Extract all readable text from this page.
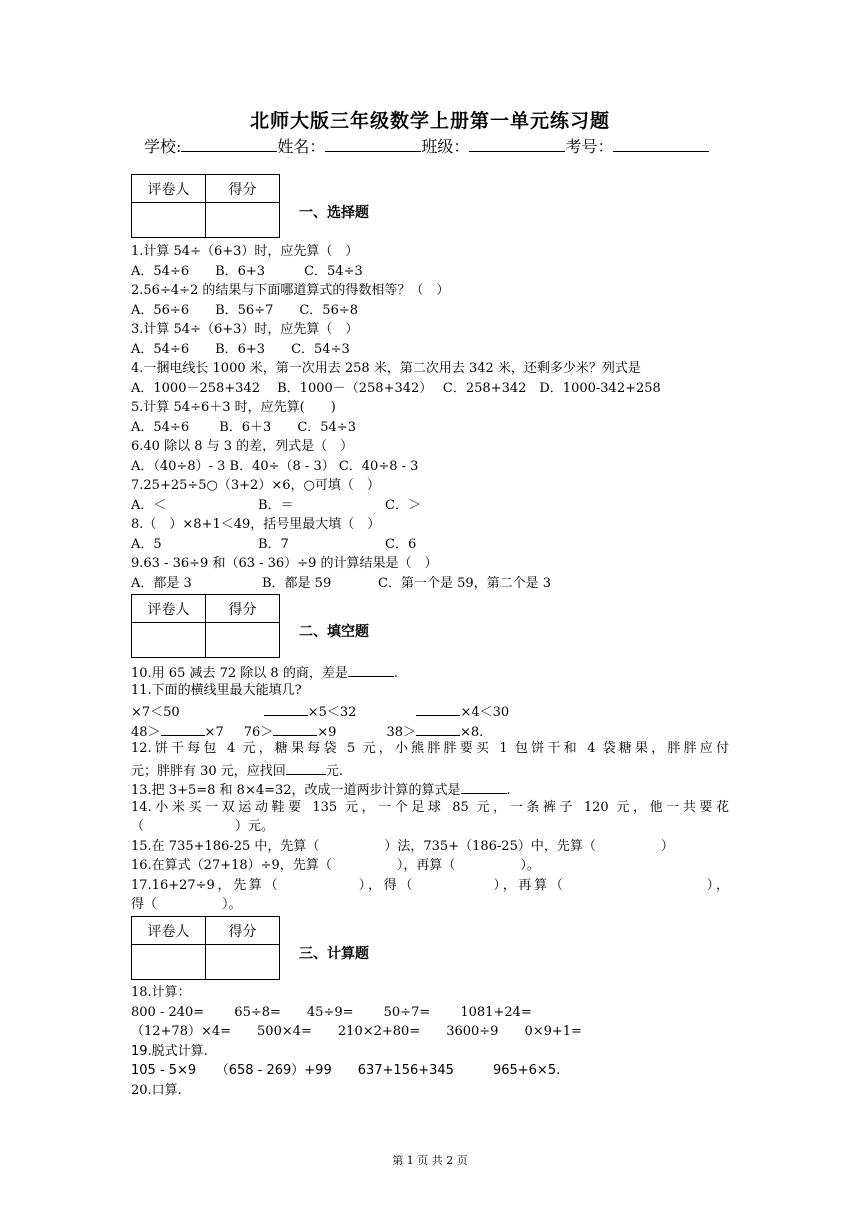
北师大版三年级数学上册第一单元练习题
学校:	姓名：	班级：	考号：
评卷人	得分

一、选择题
1.计算 54÷（6+3）时，应先算（　）
A．54÷6　　B．6+3　　　C．54÷3
2.56÷4÷2 的结果与下面哪道算式的得数相等？（　）
A．56÷6　　B．56÷7　　C．56÷8
3.计算 54÷（6+3）时，应先算（　）
A．54÷6　　B．6+3　　C．54÷3
4.一捆电线长 1000 米，第一次用去 258 米，第二次用去 342 米，还剩多少米？列式是
A．1000－258+342　 B．1000－（258+342）　 C．258+342　D．1000-342+258
5.计算 54÷6＋3 时，应先算(　　)
A．54÷6　　 B．6＋3　　C．54÷3
6.40 除以 8 与 3 的差，列式是（　）
A．（40÷8）- 3 B．40÷（8 - 3） C．40÷8 - 3
7.25+25÷5○（3+2）×6，○可填（　）
A．＜	B．＝	C．＞
8.（　）×8+1＜49，括号里最大填（　）
A．5	B．7	C．6
9.63 - 36÷9 和（63 - 36）÷9 的计算结果是（　）
A．都是 3	B．都是 59	C．第一个是 59，第二个是 3
评卷人	得分

二、填空题
10.用 65 减去 72 除以 8 的商，差是	.
11.下面的横线里最大能填几?
×7＜50	×5＜32	×4＜30
48＞	×7 76＞	×9	38＞	×8.
12.饼干每包 4 元，糖果每袋 5 元，小熊胖胖要买 1 包饼干和 4 袋糖果，胖胖应付
元；胖胖有 30 元，应找回	元.
13.把 3+5=8 和 8×4=32，改成一道两步计算的算式是	.
14.小米买一双运动鞋要 135 元，一个足球 85 元，一条裤子 120 元，他一共要花
（　　　　　　　）元。
15.在 735+186-25 中，先算（　　　　　）法，735+（186-25）中，先算（　　　　　）
16.在算式（27+18）÷9，先算（　　　　　），再算（　　　　　）。
17.16+27÷9，先算（　　　　　），得（　　　　　），再算（　　　　　　　　　），
得（　　　　　）。
评卷人	得分

三、计算题
18.计算：
800 - 240=　　 65÷8=　　45÷9=　　 50÷7=　　 1081+24=
（12+78）×4=　　500×4=　　210×2+80=　　3600÷9　　0×9+1=
19.脱式计算.
105 - 5×9　　（658 - 269）+99　　637+156+345　　　965+6×5.
20.口算.
第 1 页 共 2 页
